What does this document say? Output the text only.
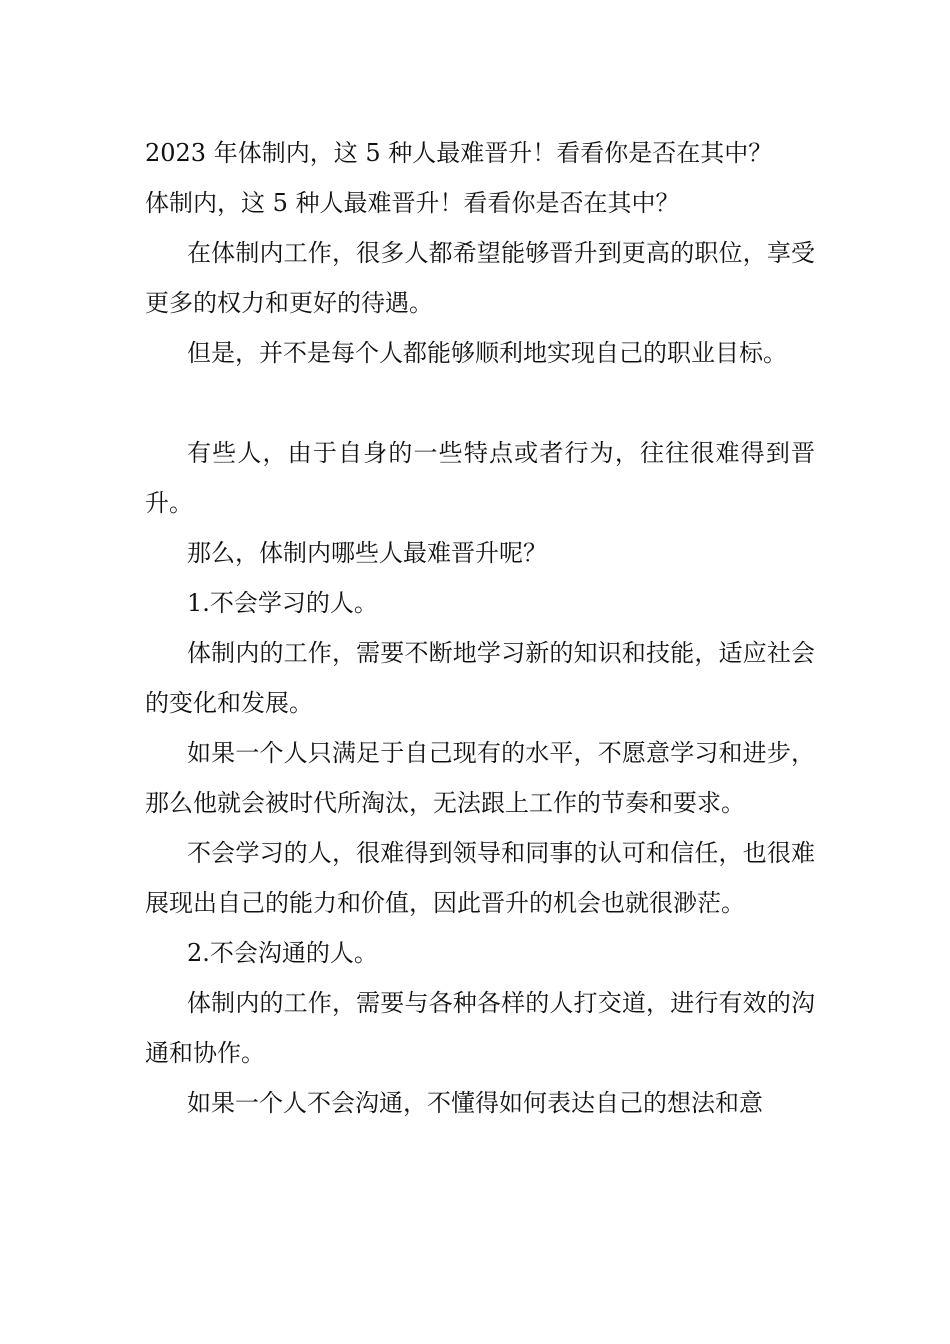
2023 年体制内，这 5 种人最难晋升！看看你是否在其中？
体制内，这 5 种人最难晋升！看看你是否在其中？

在体制内工作，很多人都希望能够晋升到更高的职位，享受更多的权力和更好的待遇。

但是，并不是每个人都能够顺利地实现自己的职业目标。

有些人，由于自身的一些特点或者行为，往往很难得到晋升。

那么，体制内哪些人最难晋升呢？

1.不会学习的人。

体制内的工作，需要不断地学习新的知识和技能，适应社会的变化和发展。

如果一个人只满足于自己现有的水平，不愿意学习和进步，那么他就会被时代所淘汰，无法跟上工作的节奏和要求。

不会学习的人，很难得到领导和同事的认可和信任，也很难展现出自己的能力和价值，因此晋升的机会也就很渺茫。

2.不会沟通的人。

体制内的工作，需要与各种各样的人打交道，进行有效的沟通和协作。

如果一个人不会沟通，不懂得如何表达自己的想法和意
